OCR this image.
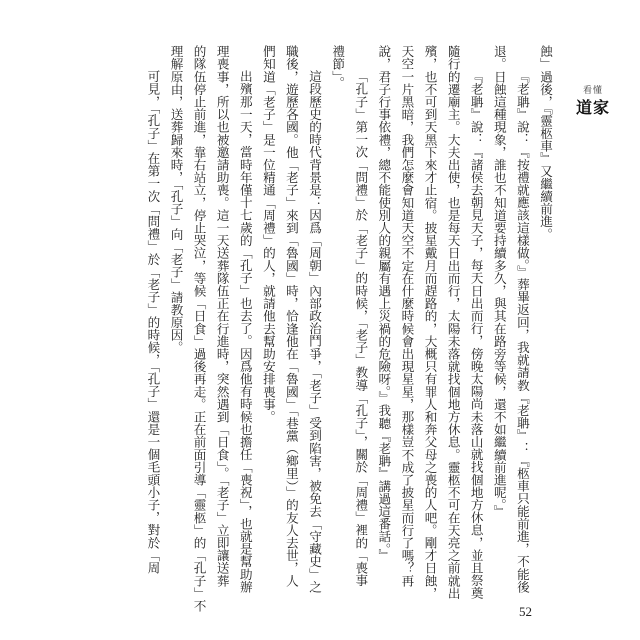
看懂
道家
蝕」過後，『靈柩車』又繼續前進。
『老聃』說：『按禮就應該這樣做。』葬畢返回，我就請教『老聃』：『柩車只能前進，不能後
退。日蝕這種現象，誰也不知道要持續多久，與其在路旁等候，還不如繼續前進呢。』
『老聃』說：『諸侯去朝見天子，每天日出而行，傍晚太陽尚未落山就找個地方休息，並且祭奠
隨行的遷廟主。大夫出使，也是每天日出而行，太陽未落就找個地方休息。靈柩不可在天亮之前就出
殯，也不可到天黑下來才止宿。披星戴月而趕路的，大概只有罪人和奔父母之喪的人吧。剛才日蝕，
天空一片黑暗，我們怎麼會知道天空不定在什麼時候會出現星星，那樣豈不成了披星而行了嗎？再
說，君子行事依禮，總不能使別人的親屬有遇上災禍的危險呀。』我聽『老聃』講過這番話。』
「孔子」第一次「問禮」於「老子」的時候，「老子」教導「孔子」，關於「周禮」裡的「喪事
禮節」。
這段歷史的時代背景是：因爲「周朝」內部政治鬥爭，「老子」受到陷害，被免去「守藏史」之
職後，遊歷各國。他「老子」來到「魯國」時，恰逢他在「魯國」「巷黨（鄉里）」的友人去世，人
們知道「老子」是一位精通「周禮」的人，就請他去幫助安排喪事。
出殯那一天，當時年僅十七歲的「孔子」也去了。因爲他有時候也擔任「喪祝」，也就是幫助辦
理喪事，所以也被邀請助喪。這一天送葬隊伍正在行進時，突然遇到「日食」。「老子」立即讓送葬
的隊伍停止前進，靠右站立，停止哭泣，等候「日食」過後再走。正在前面引導「靈柩」的「孔子」不
理解原由，送葬歸來時，「孔子」向「老子」請教原因。
可見，「孔子」在第一次「問禮」於「老子」的時候，「孔子」還是一個毛頭小子，對於「周
52
